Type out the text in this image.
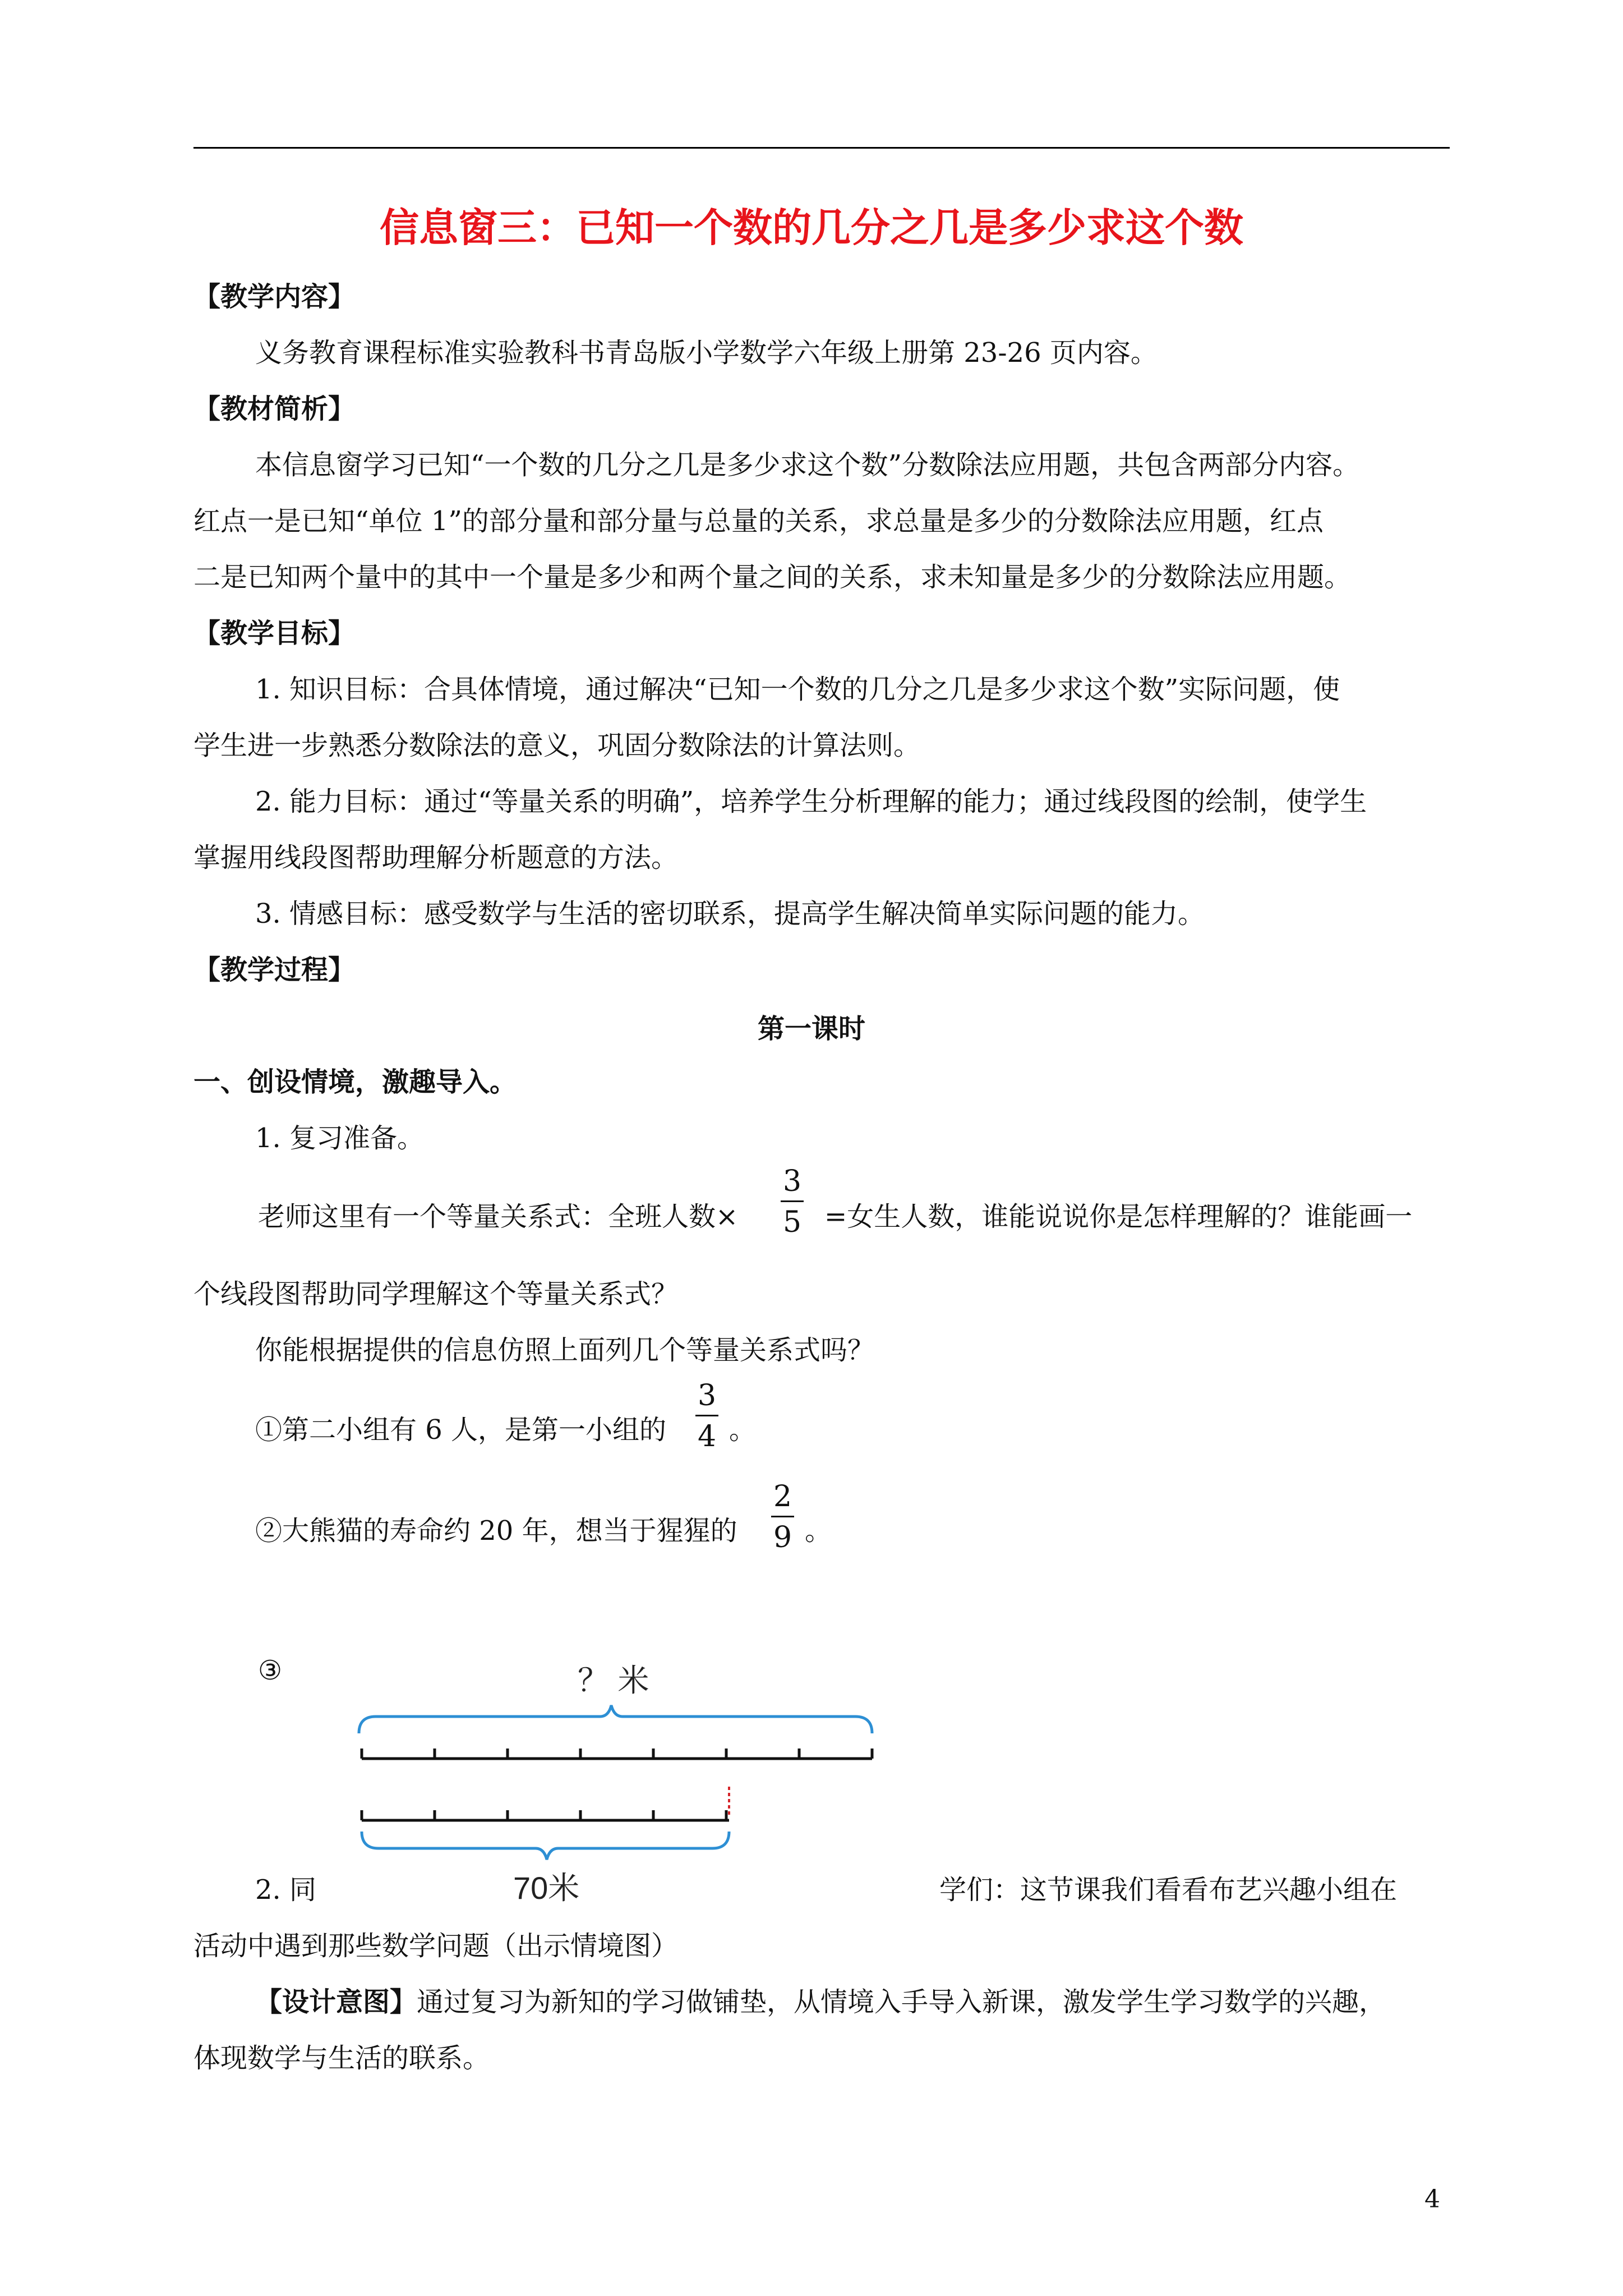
信息窗三：已知一个数的几分之几是多少求这个数
【教学内容】
义务教育课程标准实验教科书青岛版小学数学六年级上册第 23-26 页内容。
【教材简析】
本信息窗学习已知“一个数的几分之几是多少求这个数”分数除法应用题，共包含两部分内容。
红点一是已知“单位 1”的部分量和部分量与总量的关系，求总量是多少的分数除法应用题，红点
二是已知两个量中的其中一个量是多少和两个量之间的关系，求未知量是多少的分数除法应用题。
【教学目标】
1. 知识目标：合具体情境，通过解决“已知一个数的几分之几是多少求这个数”实际问题，使
学生进一步熟悉分数除法的意义，巩固分数除法的计算法则。
2. 能力目标：通过“等量关系的明确”，培养学生分析理解的能力；通过线段图的绘制，使学生
掌握用线段图帮助理解分析题意的方法。
3. 情感目标：感受数学与生活的密切联系，提高学生解决简单实际问题的能力。
【教学过程】
第一课时
一、创设情境，激趣导入。
1. 复习准备。
老师这里有一个等量关系式：全班人数×
3
5 =女生人数，谁能说说你是怎样理解的？谁能画一
个线段图帮助同学理解这个等量关系式？
你能根据提供的信息仿照上面列几个等量关系式吗？
①第二小组有 6 人，是第一小组的
3
4 。
②大熊猫的寿命约 20 年，想当于猩猩的
2
9 。
③	？ 米
70米
2. 同	学们：这节课我们看看布艺兴趣小组在
活动中遇到那些数学问题（出示情境图）
【设计意图】通过复习为新知的学习做铺垫，从情境入手导入新课，激发学生学习数学的兴趣，
体现数学与生活的联系。
4
